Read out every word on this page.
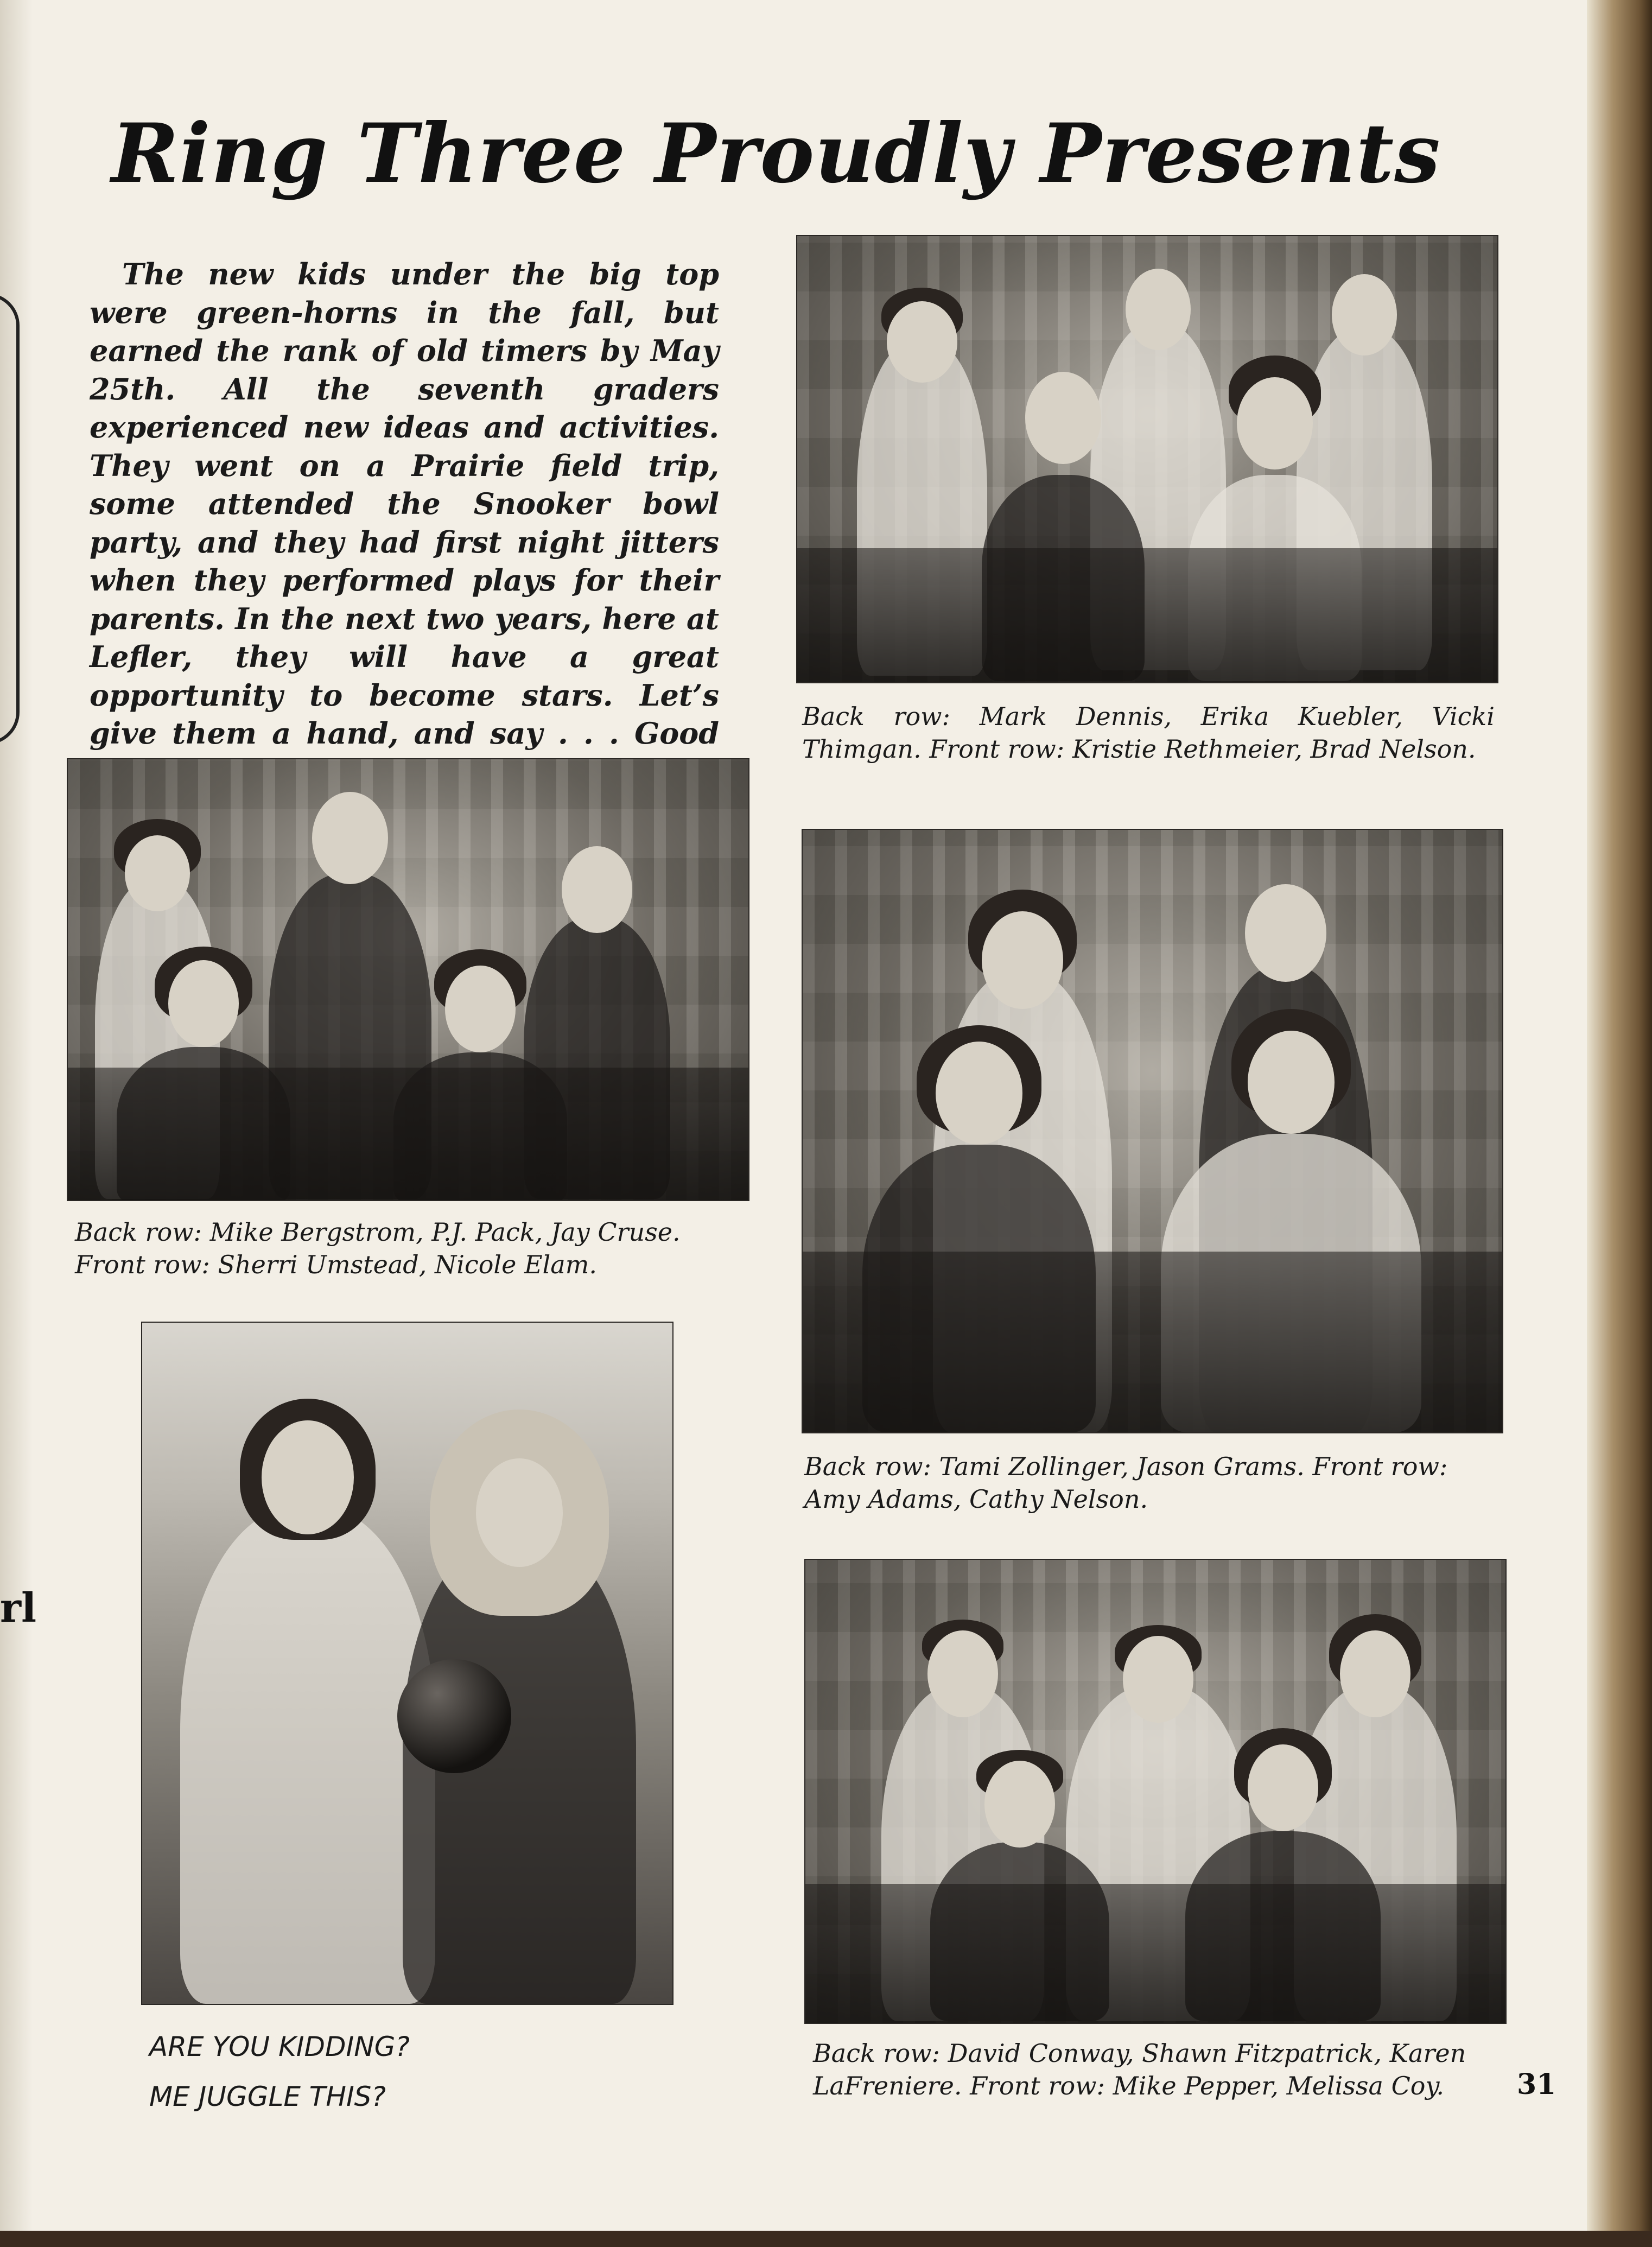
rl
Ring Three Proudly Presents

The new kids under the big top were green-horns in the fall, but earned the rank of old timers by May 25th. All the seventh graders experienced new ideas and activities. They went on a Prairie field trip, some attended the Snooker bowl party, and they had first night jitters when they performed plays for their parents. In the next two years, here at Lefler, they will have a great opportunity to become stars. Let’s give them a hand, and say . . . Good	Back row: Mark Dennis, Erika Kuebler, Vicki Thimgan. Front row: Kristie Rethmeier, Brad Nelson.

Back row: Mike Bergstrom, P.J. Pack, Jay Cruse. Front row: Sherri Umstead, Nicole Elam.

Back row: Tami Zollinger, Jason Grams. Front row: Amy Adams, Cathy Nelson.

ARE YOU KIDDING?
ME JUGGLE THIS?

Back row: David Conway, Shawn Fitzpatrick, Karen LaFreniere. Front row: Mike Pepper, Melissa Coy.	31
